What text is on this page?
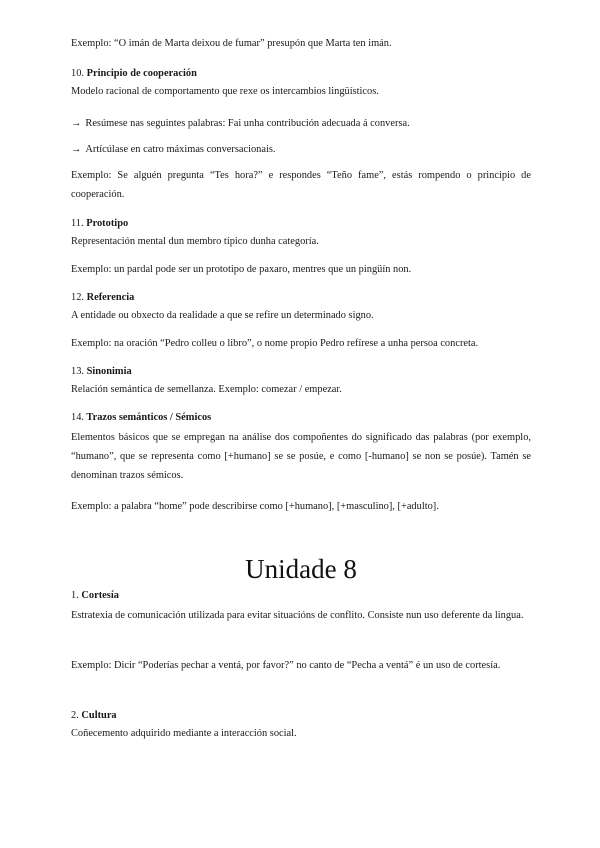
Exemplo: “O imán de Marta deixou de fumar” presupón que Marta ten imán.

10. Principio de cooperación

Modelo racional de comportamento que rexe os intercambios lingüísticos.

→ Resúmese nas seguintes palabras: Fai unha contribución adecuada á conversa.

→ Artícúlase en catro máximas conversacionais.

Exemplo: Se alguén pregunta “Tes hora?” e respondes “Teño fame”, estás rompendo o principio de cooperación.

11. Prototipo

Representación mental dun membro típico dunha categoría.

Exemplo: un pardal pode ser un prototipo de paxaro, mentres que un pingüín non.

12. Referencia

A entidade ou obxecto da realidade a que se refire un determinado signo.

Exemplo: na oración “Pedro colleu o libro”, o nome propio Pedro refírese a unha persoa concreta.

13. Sinonimia

Relación semántica de semellanza. Exemplo: comezar / empezar.

14. Trazos semánticos / Sémicos

Elementos básicos que se empregan na análise dos compoñentes do significado das palabras (por exemplo, “humano”, que se representa como [+humano] se se posúe, e como [-humano] se non se posúe). Tamén se denominan trazos sémicos.

Exemplo: a palabra “home” pode describirse como [+humano], [+masculino], [+adulto].

Unidade 8

1. Cortesía

Estratexia de comunicación utilizada para evitar situacións de conflito. Consiste nun uso deferente da lingua.

Exemplo: Dicir “Poderías pechar a ventá, por favor?” no canto de “Pecha a ventá” é un uso de cortesía.

2. Cultura

Coñecemento adquirido mediante a interacción social.
